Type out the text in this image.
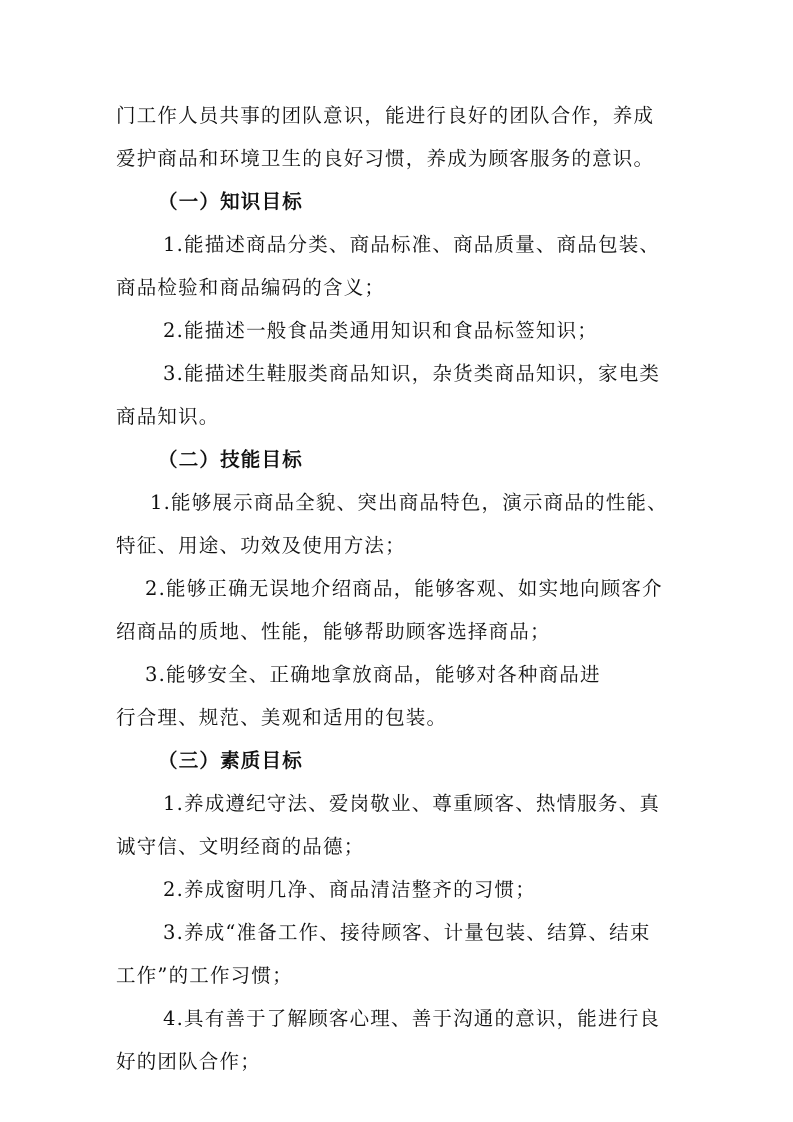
门工作人员共事的团队意识，能进行良好的团队合作，养成
爱护商品和环境卫生的良好习惯，养成为顾客服务的意识。
（一）知识目标
1.能描述商品分类、商品标准、商品质量、商品包装、
商品检验和商品编码的含义；
2.能描述一般食品类通用知识和食品标签知识；
3.能描述生鞋服类商品知识，杂货类商品知识，家电类
商品知识。
（二）技能目标
1.能够展示商品全貌、突出商品特色，演示商品的性能、
特征、用途、功效及使用方法；
2.能够正确无误地介绍商品，能够客观、如实地向顾客介
绍商品的质地、性能，能够帮助顾客选择商品；
3.能够安全、正确地拿放商品，能够对各种商品进
行合理、规范、美观和适用的包装。
（三）素质目标
1.养成遵纪守法、爱岗敬业、尊重顾客、热情服务、真
诚守信、文明经商的品德；
2.养成窗明几净、商品清洁整齐的习惯；
3.养成“准备工作、接待顾客、计量包装、结算、结束
工作”的工作习惯；
4.具有善于了解顾客心理、善于沟通的意识，能进行良
好的团队合作；
